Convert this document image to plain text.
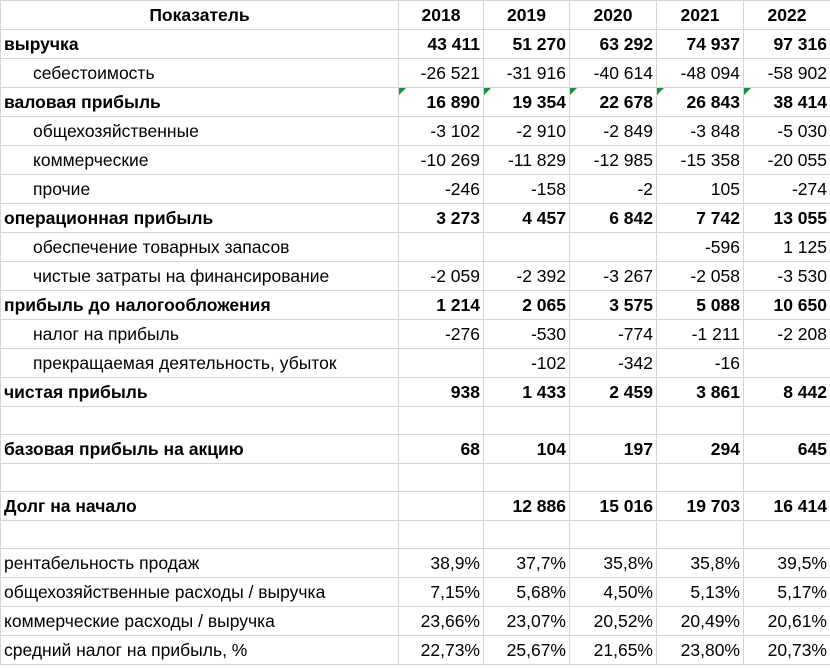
Показатель	2018	2019	2020	2021	2022
выручка	43 411	51 270	63 292	74 937	97 316
себестоимость	-26 521	-31 916	-40 614	-48 094	-58 902
валовая прибыль	16 890	19 354	22 678	26 843	38 414
общехозяйственные	-3 102	-2 910	-2 849	-3 848	-5 030
коммерческие	-10 269	-11 829	-12 985	-15 358	-20 055
прочие	-246	-158	-2	105	-274
операционная прибыль	3 273	4 457	6 842	7 742	13 055
обеспечение товарных запасов				-596	1 125
чистые затраты на финансирование	-2 059	-2 392	-3 267	-2 058	-3 530
прибыль до налогообложения	1 214	2 065	3 575	5 088	10 650
налог на прибыль	-276	-530	-774	-1 211	-2 208
прекращаемая деятельность, убыток		-102	-342	-16	
чистая прибыль	938	1 433	2 459	3 861	8 442

базовая прибыль на акцию	68	104	197	294	645

Долг на начало		12 886	15 016	19 703	16 414

рентабельность продаж	38,9%	37,7%	35,8%	35,8%	39,5%
общехозяйственные расходы / выручка	7,15%	5,68%	4,50%	5,13%	5,17%
коммерческие расходы / выручка	23,66%	23,07%	20,52%	20,49%	20,61%
средний налог на прибыль, %	22,73%	25,67%	21,65%	23,80%	20,73%
